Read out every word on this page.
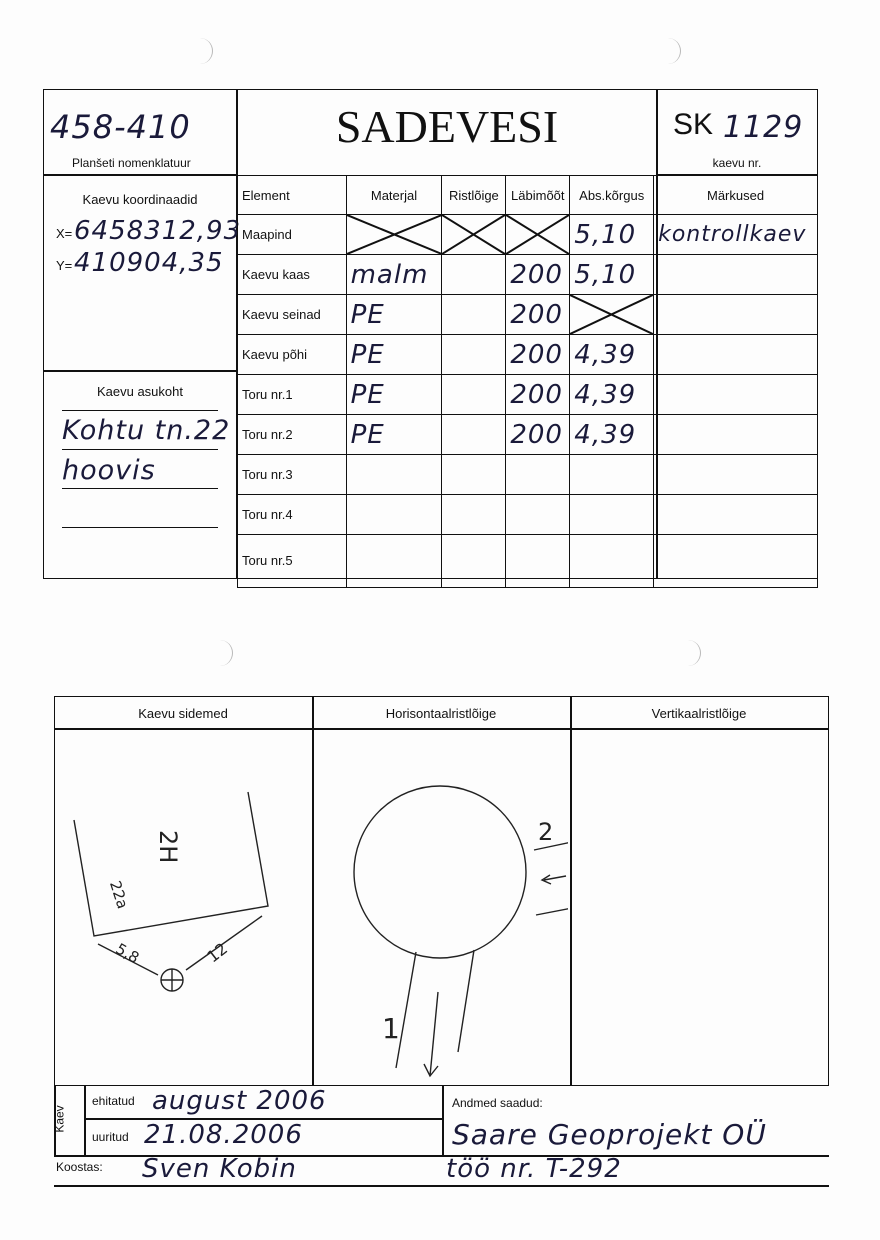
458-410
Planšeti nomenklatuur
SADEVESI	SK 1129
kaevu nr.
Kaevu koordinaadid
X= 6458312,93
Y= 410904,35
Kaevu asukoht
Kohtu tn.22
hoovis
Element	Materjal	Ristlõige	Läbimõõt	Abs.kõrgus	Märkused
Maapind				5,10	kontrollkaev
Kaevu kaas	malm		200	5,10	
Kaevu seinad	PE		200	

Kaevu põhi	PE		200	4,39	
Toru nr.1	PE		200	4,39	
Toru nr.2	PE		200	4,39	
Toru nr.3					
Toru nr.4					
Toru nr.5					
Kaevu sidemed	Horisontaalristlõige	Vertikaalristlõige
2H
22a
5,8	12
2
1
Kaev
ehitatud august 2006
uuritud 21.08.2006
Andmed saadud:
Saare Geoprojekt OÜ
Koostas: Sven Kobin	töö nr. T-292
